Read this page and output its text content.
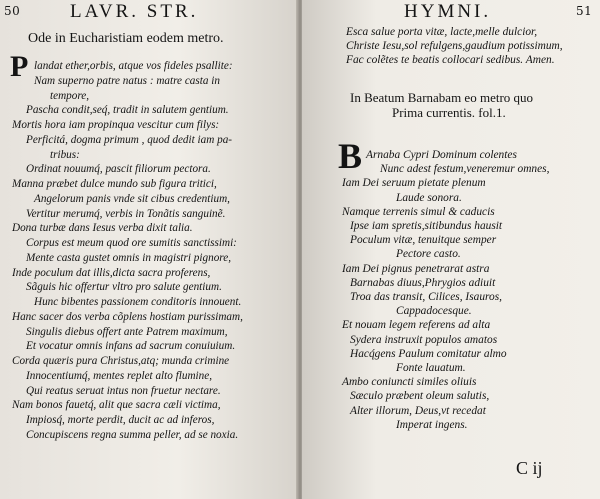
50	LAVR. STR.
Ode in Eucharistiam eodem metro.
P landat ether,orbis, atque vos fideles psallite:
Nam superno patre natus : matre casta in
tempore,
Pascha condit,seq́, tradit in salutem gentium.
Mortis hora iam propinqua vescitur cum filys:
Perficitá, dogma primum , quod dedit iam pa-
tribus:
Ordinat nouumq́, pascit filiorum pectora.
Manna præbet dulce mundo sub figura tritici,
Angelorum panis vnde sit cibus credentium,
Vertitur merumq́, verbis in Tonãtis sanguinẽ.
Dona turbæ dans Iesus verba dixit talia.
Corpus est meum quod ore sumitis sanctissimi:
Mente casta gustet omnis in magistri pignore,
Inde poculum dat illis,dicta sacra proferens,
Sãguis hic offertur vltro pro salute gentium.
Hunc bibentes passionem conditoris innouent.
Hanc sacer dos verba cõplens hostiam purissimam,
Singulis diebus offert ante Patrem maximum,
Et vocatur omnis infans ad sacrum conuiuium.
Corda quæris pura Christus,atq; munda crimine
Innocentiumq́, mentes replet alto flumine,
Qui reatus seruat intus non fruetur nectare.
Nam bonos fauetq́, alit que sacra cæli victima,
Impiosq́, morte perdit, ducit ac ad inferos,
Concupiscens regna summa peller, ad se noxia.
HYMNI.	51
Esca salue porta vitæ, lacte,melle dulcior,
Christe Iesu,sol refulgens,gaudium potissimum,
Fac colẽtes te beatis collocari sedibus. Amen.
In Beatum Barnabam eo metro quo
Prima currentis. fol.1.
B Arnaba Cypri Dominum colentes
Nunc adest festum,veneremur omnes,
Iam Dei seruum pietate plenum
Laude sonora.
Namque terrenis simul & caducis
Ipse iam spretis,sitibundus hausit
Poculum vitæ, tenuitque semper
Pectore casto.
Iam Dei pignus penetrarat astra
Barnabas diuus,Phrygios adiuit
Troa das transit, Cilices, Isauros,
Cappadocesque.
Et nouam legem referens ad alta
Sydera instruxit populos amatos
Hacq́gens Paulum comitatur almo
Fonte lauatum.
Ambo coniuncti similes oliuis
Sæculo præbent oleum salutis,
Alter illorum, Deus,vt recedat
Imperat ingens.
C ij
